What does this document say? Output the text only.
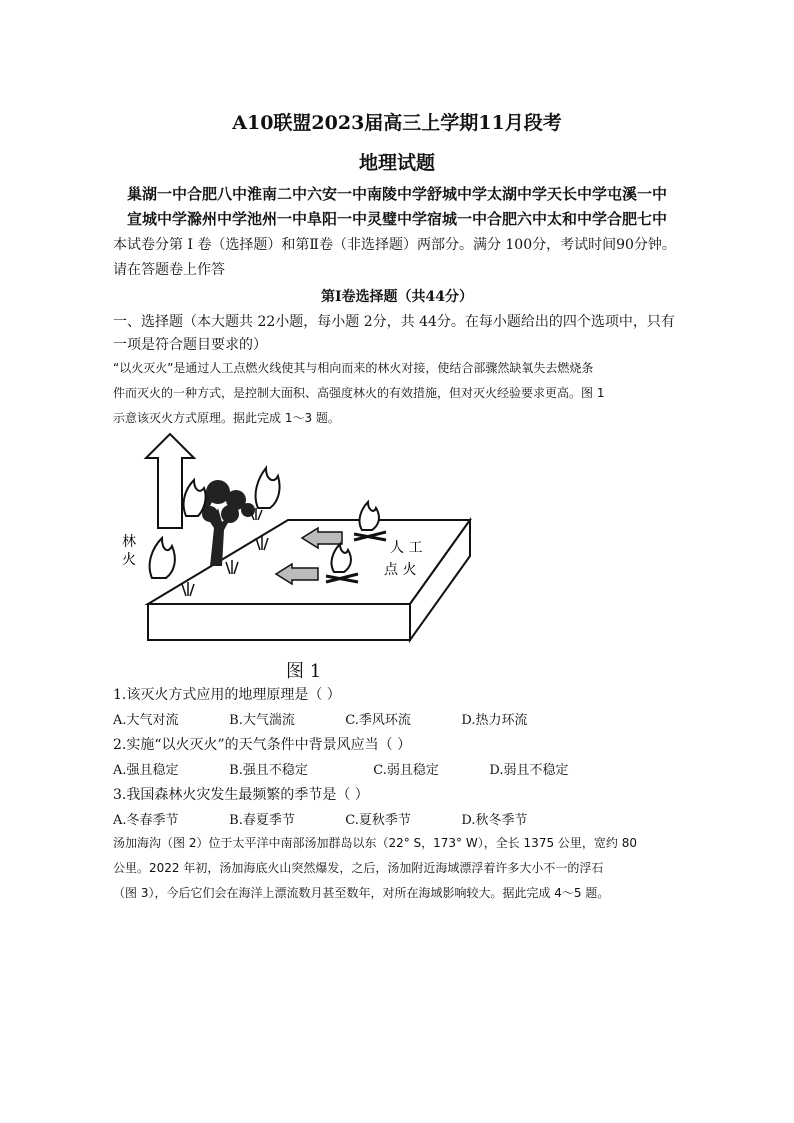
A10联盟2023届高三上学期11月段考
地理试题
巢湖一中合肥八中淮南二中六安一中南陵中学舒城中学太湖中学天长中学屯溪一中
宣城中学滁州中学池州一中阜阳一中灵璧中学宿城一中合肥六中太和中学合肥七中
本试卷分第 I 卷（选择题）和第Ⅱ卷（非选择题）两部分。满分 100分，考试时间90分钟。
请在答题卷上作答
第Ⅰ卷选择题（共44分）
一、选择题（本大题共 22小题，每小题 2分，共 44分。在每小题给出的四个选项中，只有
一项是符合题目要求的）
“以火灭火”是通过人工点燃火线使其与相向而来的林火对接，使结合部骤然缺氧失去燃烧条
件而灭火的一种方式，是控制大面积、高强度林火的有效措施，但对灭火经验要求更高。图 1
示意该灭火方式原理。据此完成 1～3 题。
林
火
人 工
点 火
图 1
1.该灭火方式应用的地理原理是（ ）
A.大气对流	B.大气湍流	C.季风环流	D.热力环流
2.实施“以火灭火”的天气条件中背景风应当（ ）
A.强且稳定	B.强且不稳定	C.弱且稳定	D.弱且不稳定
3.我国森林火灾发生最频繁的季节是（ ）
A.冬春季节	B.春夏季节	C.夏秋季节	D.秋冬季节
汤加海沟（图 2）位于太平洋中南部汤加群岛以东（22° S，173° W），全长 1375 公里，宽约 80
公里。2022 年初，汤加海底火山突然爆发，之后，汤加附近海域漂浮着许多大小不一的浮石
（图 3），今后它们会在海洋上漂流数月甚至数年，对所在海域影响较大。据此完成 4～5 题。
